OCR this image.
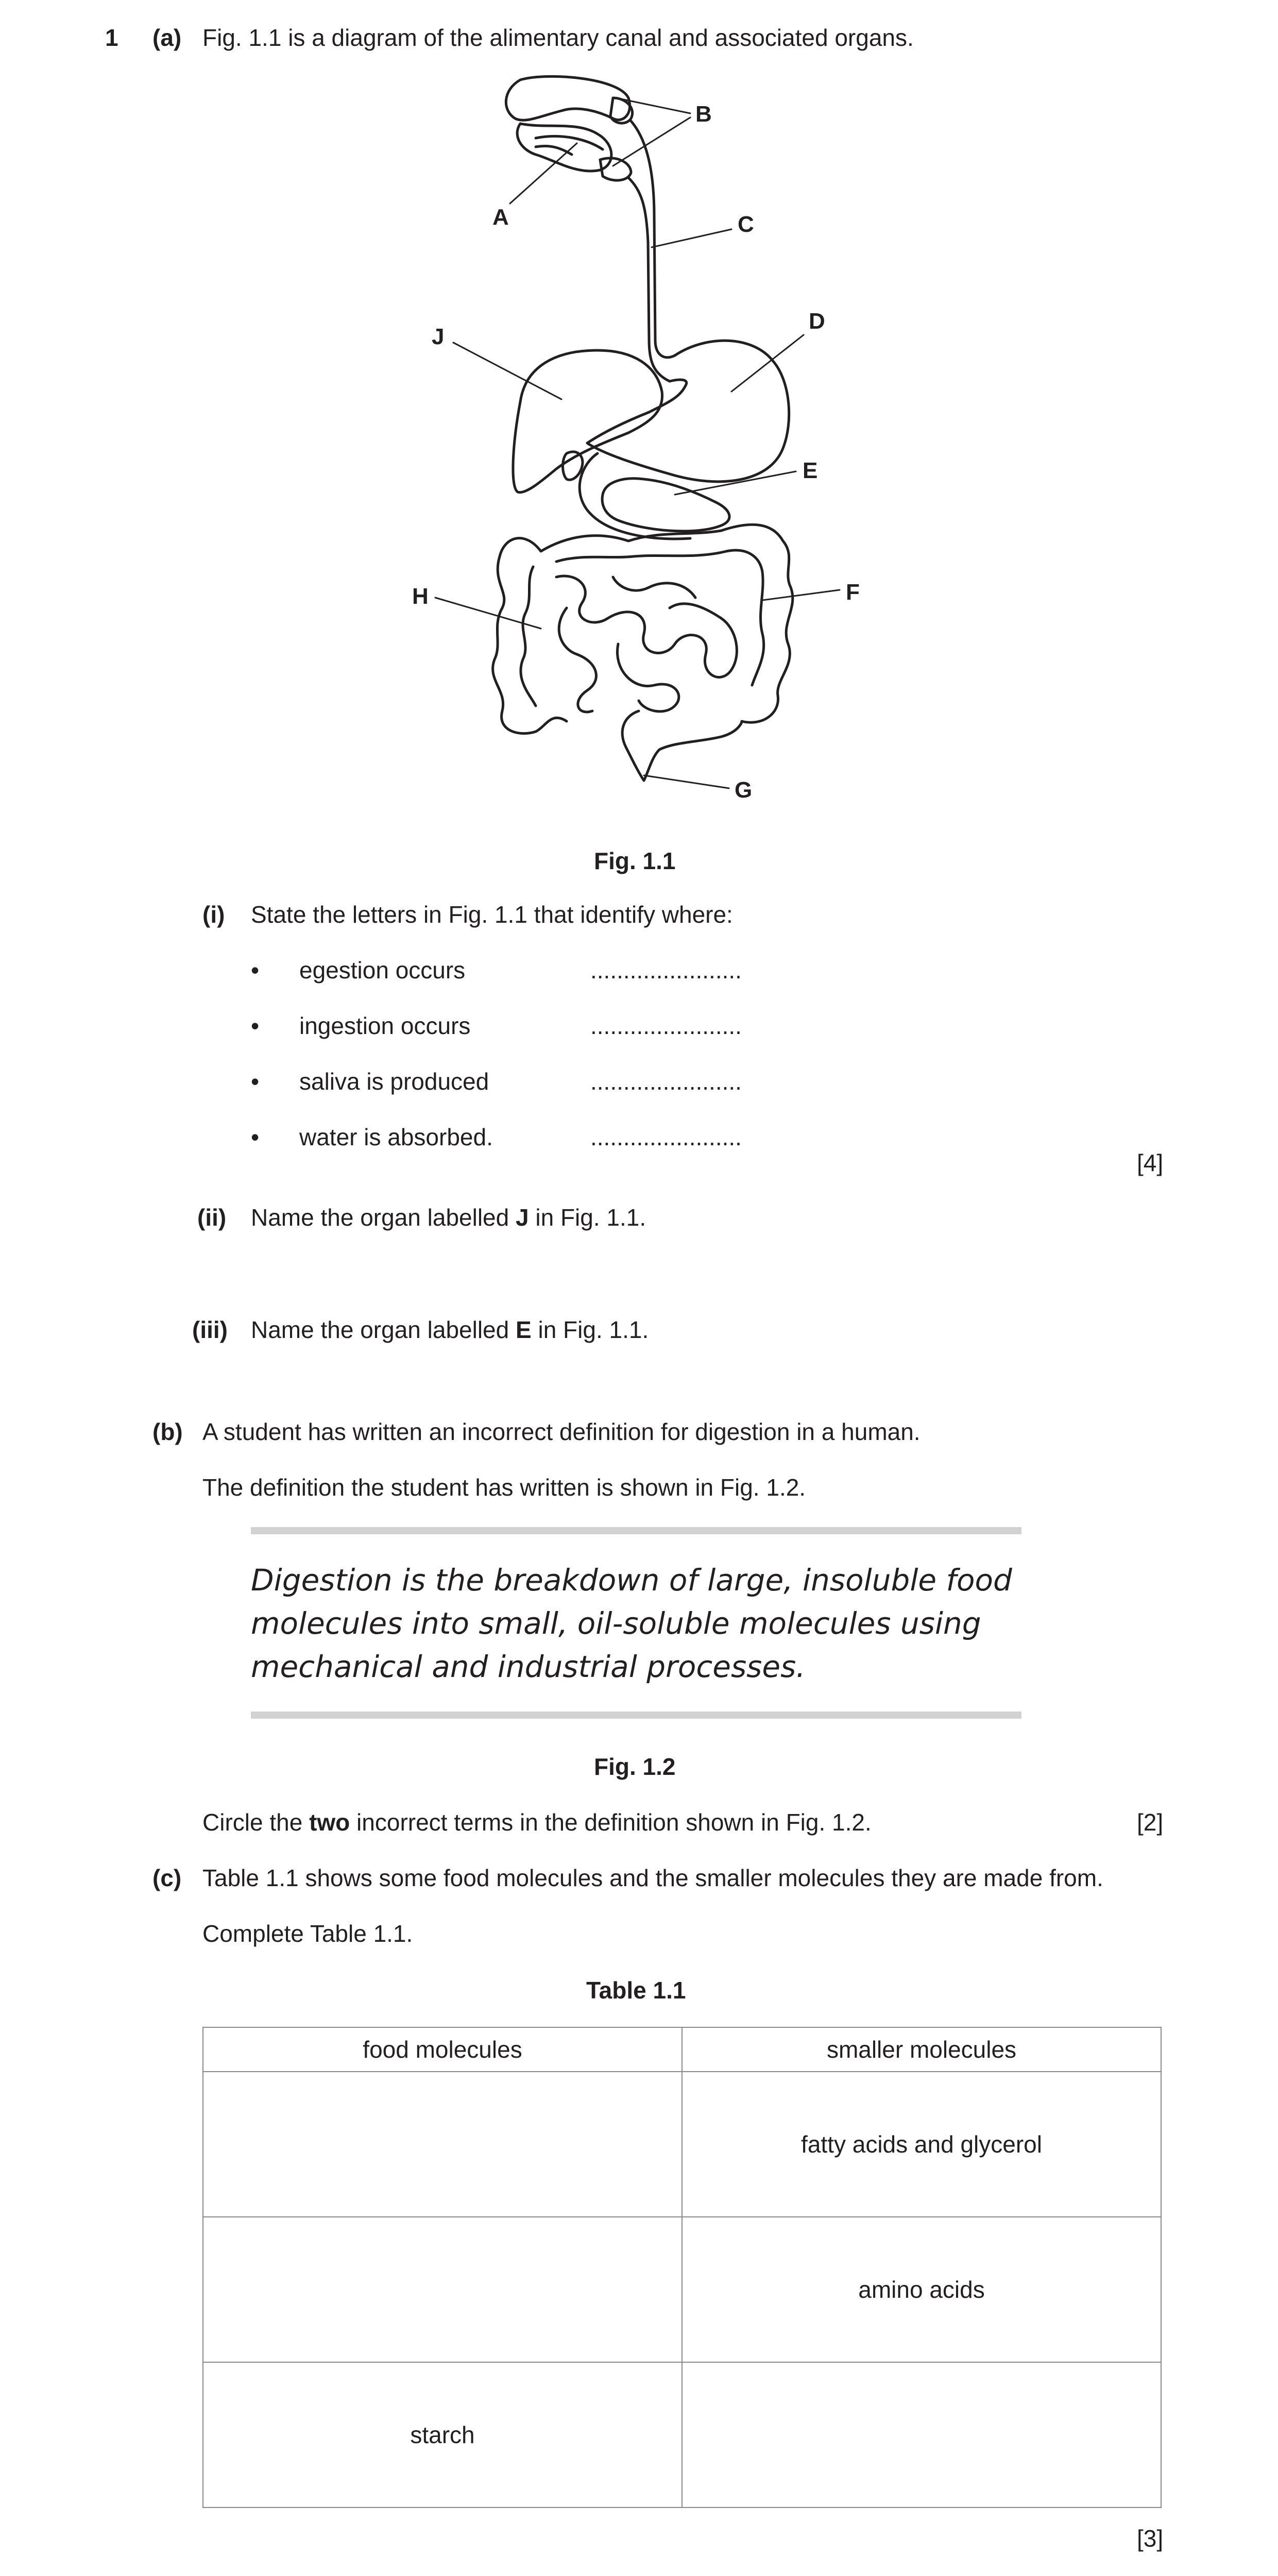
1 (a) Fig. 1.1 is a diagram of the alimentary canal and associated organs.
B
A	C
D
J
E
F
H
G
Fig. 1.1
(i) State the letters in Fig. 1.1 that identify where:
• egestion occurs	.......................
• ingestion occurs	.......................
• saliva is produced	.......................
• water is absorbed.	.......................
[4]
(ii) Name the organ labelled J in Fig. 1.1.
(iii) Name the organ labelled E in Fig. 1.1.
(b) A student has written an incorrect definition for digestion in a human.
The definition the student has written is shown in Fig. 1.2.
Digestion is the breakdown of large, insoluble food
molecules into small, oil-soluble molecules using
mechanical and industrial processes.
Fig. 1.2
Circle the two incorrect terms in the definition shown in Fig. 1.2.	[2]
(c) Table 1.1 shows some food molecules and the smaller molecules they are made from.
Complete Table 1.1.
Table 1.1
food molecules	smaller molecules
	fatty acids and glycerol
	amino acids
starch	
[3]
